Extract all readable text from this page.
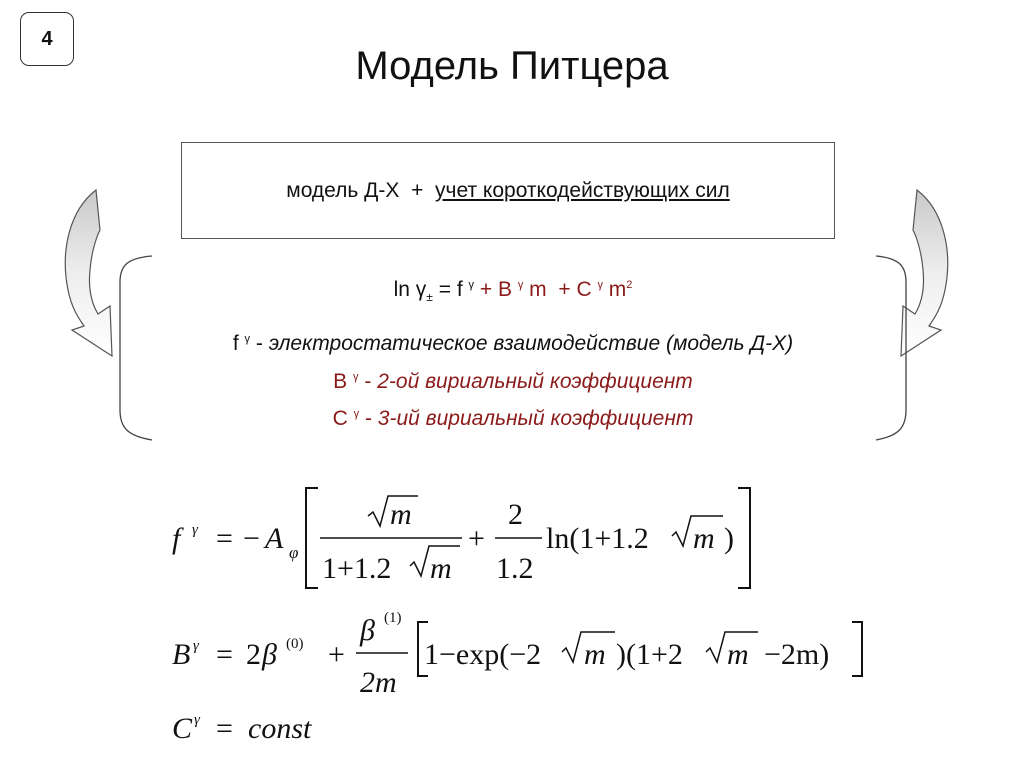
4
Модель Питцера
модель Д-Х
+
учет короткодействующих сил
$\ln \gamma_\pm = f$ $^\gamma$ + B $^\gamma$ m + C $^\gamma$ $m^2$
f $^\gamma$ - электростатическое взаимодействие (модель Д-Х)
B $^\gamma$ - 2-ой вириальный коэффициент
C $^\gamma$ - 3-ий вириальный коэффициент
f γ = − A φ
m
1+1.2 m
+
2
1.2
ln(1+1.2 m )
B γ = 2 β (0) +
β (1)
2m
1−exp(−2 m )(1+2 m −2m)
C γ = const
